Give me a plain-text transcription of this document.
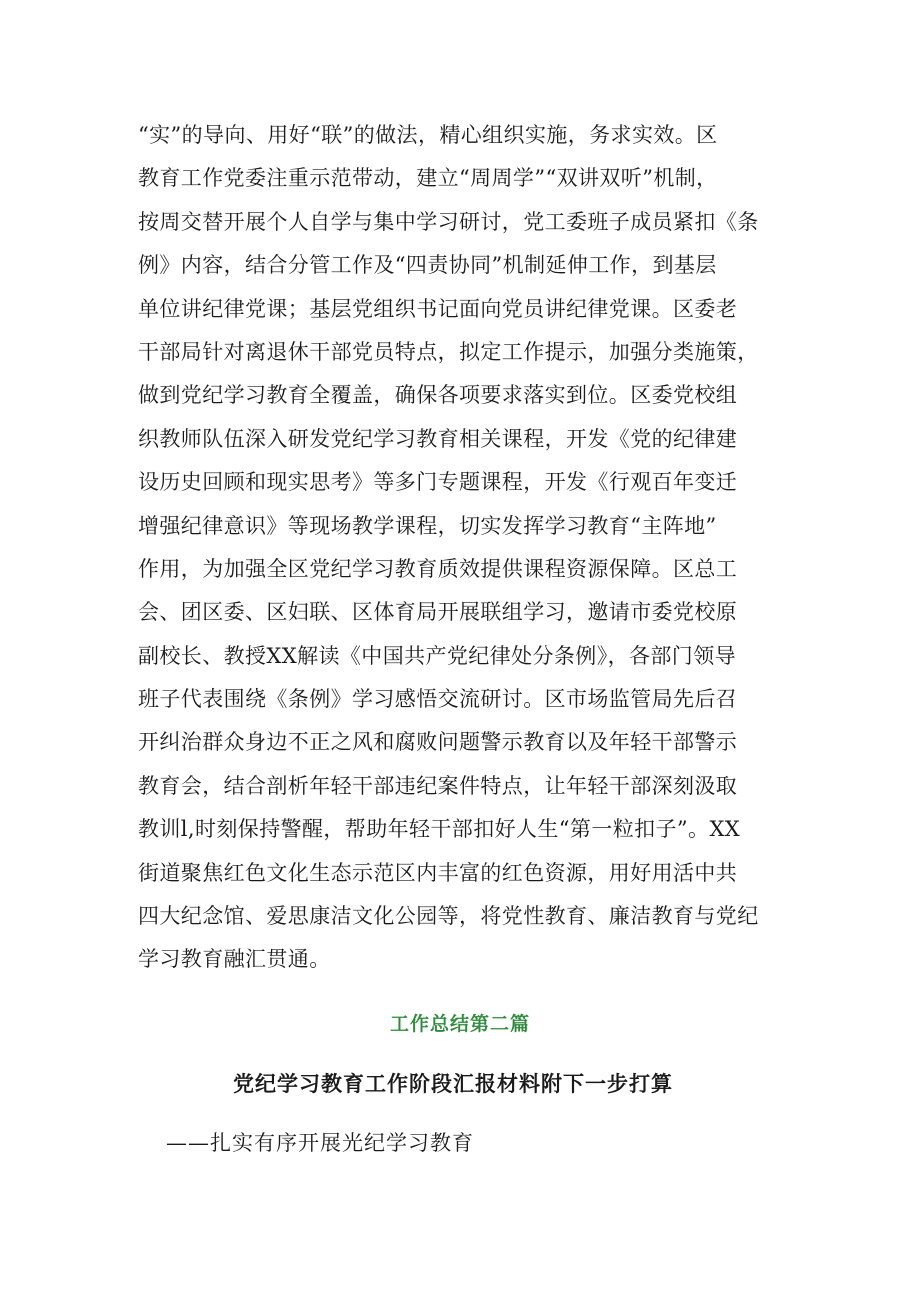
“实”的导向、用好“联”的做法，精心组织实施，务求实效。区
教育工作党委注重示范带动，建立“周周学”“双讲双听”机制，
按周交替开展个人自学与集中学习研讨，党工委班子成员紧扣《条
例》内容，结合分管工作及“四责协同”机制延伸工作，到基层
单位讲纪律党课；基层党组织书记面向党员讲纪律党课。区委老
干部局针对离退休干部党员特点，拟定工作提示，加强分类施策，
做到党纪学习教育全覆盖，确保各项要求落实到位。区委党校组
织教师队伍深入研发党纪学习教育相关课程，开发《党的纪律建
设历史回顾和现实思考》等多门专题课程，开发《行观百年变迁
增强纪律意识》等现场教学课程，切实发挥学习教育“主阵地”
作用，为加强全区党纪学习教育质效提供课程资源保障。区总工
会、团区委、区妇联、区体育局开展联组学习，邀请市委党校原
副校长、教授XX解读《中国共产党纪律处分条例》，各部门领导
班子代表围绕《条例》学习感悟交流研讨。区市场监管局先后召
开纠治群众身边不正之风和腐败问题警示教育以及年轻干部警示
教育会，结合剖析年轻干部违纪案件特点，让年轻干部深刻汲取
教训l,时刻保持警醒，帮助年轻干部扣好人生“第一粒扣子”。XX
街道聚焦红色文化生态示范区内丰富的红色资源，用好用活中共
四大纪念馆、爱思康洁文化公园等，将党性教育、廉洁教育与党纪
学习教育融汇贯通。
工作总结第二篇
党纪学习教育工作阶段汇报材料附下一步打算

——扎实有序开展光纪学习教育
